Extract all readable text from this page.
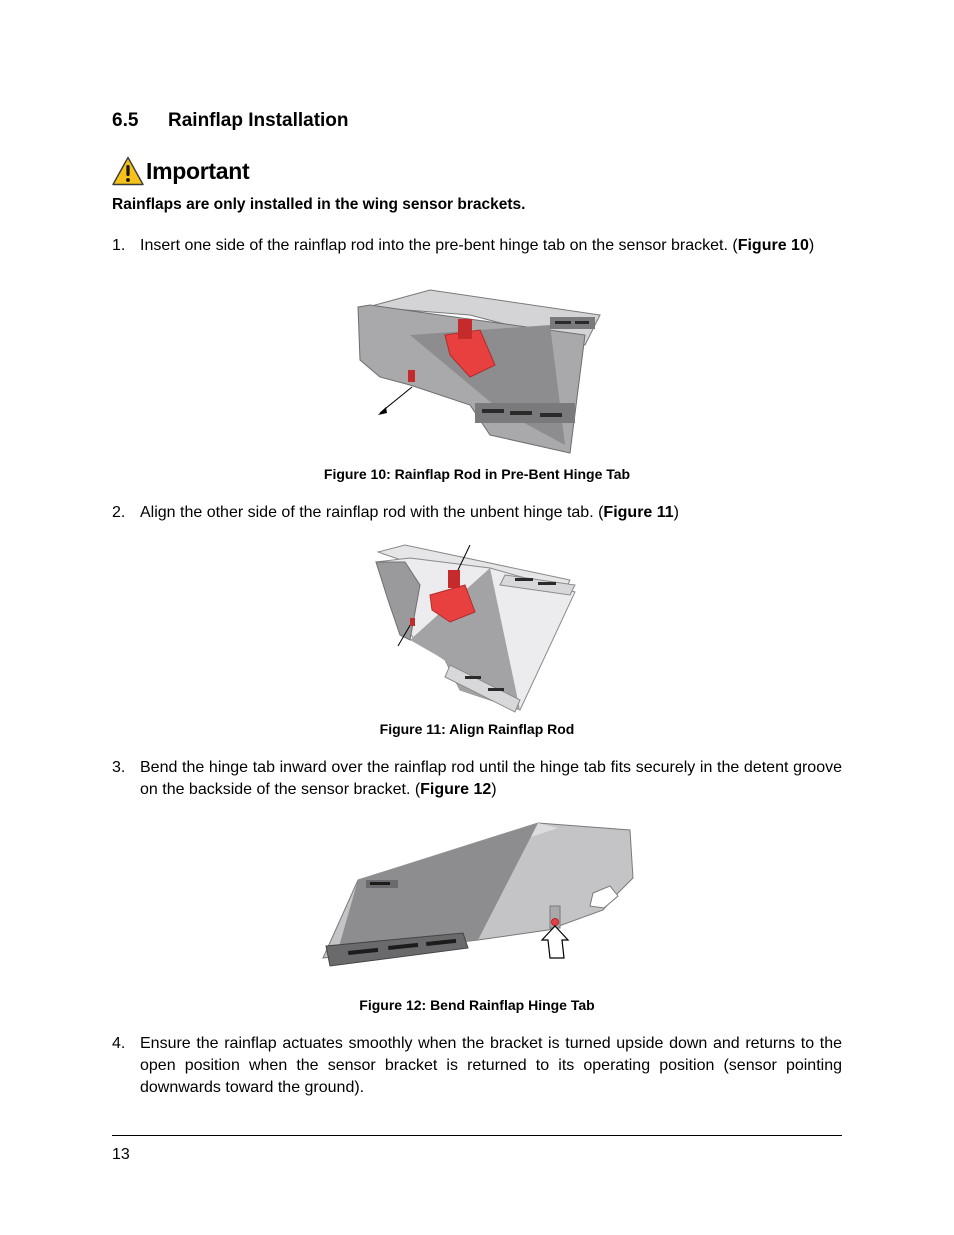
6.5 Rainflap Installation
Important
Rainflaps are only installed in the wing sensor brackets.
1. Insert one side of the rainflap rod into the pre-bent hinge tab on the sensor bracket. (Figure 10)
Figure 10: Rainflap Rod in Pre-Bent Hinge Tab
2. Align the other side of the rainflap rod with the unbent hinge tab. (Figure 11)
Figure 11: Align Rainflap Rod
3. Bend the hinge tab inward over the rainflap rod until the hinge tab fits securely in the detent groove on the backside of the sensor bracket. (Figure 12)
Figure 12: Bend Rainflap Hinge Tab
4. Ensure the rainflap actuates smoothly when the bracket is turned upside down and returns to the open position when the sensor bracket is returned to its operating position (sensor pointing downwards toward the ground).
13
